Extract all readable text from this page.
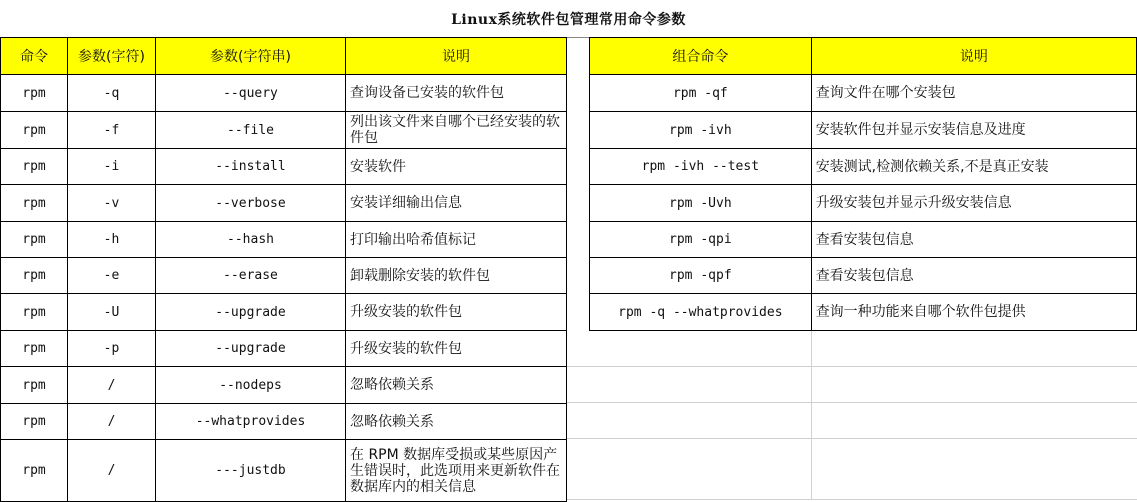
Linux系统软件包管理常用命令参数
命令	参数(字符)	参数(字符串)	说明
rpm	-q	--query	查询设备已安装的软件包
rpm	-f	--file	列出该文件来自哪个已经安装的软件包
rpm	-i	--install	安装软件
rpm	-v	--verbose	安装详细输出信息
rpm	-h	--hash	打印输出哈希值标记
rpm	-e	--erase	卸载删除安装的软件包
rpm	-U	--upgrade	升级安装的软件包
rpm	-p	--upgrade	升级安装的软件包
rpm	/	--nodeps	忽略依赖关系
rpm	/	--whatprovides	忽略依赖关系
rpm	/	---justdb	在 RPM 数据库受损或某些原因产生错误时，此选项用来更新软件在数据库内的相关信息
组合命令	说明
rpm -qf	查询文件在哪个安装包
rpm -ivh	安装软件包并显示安装信息及进度
rpm -ivh --test	安装测试,检测依赖关系,不是真正安装
rpm -Uvh	升级安装包并显示升级安装信息
rpm -qpi	查看安装包信息
rpm -qpf	查看安装包信息
rpm -q --whatprovides	查询一种功能来自哪个软件包提供
